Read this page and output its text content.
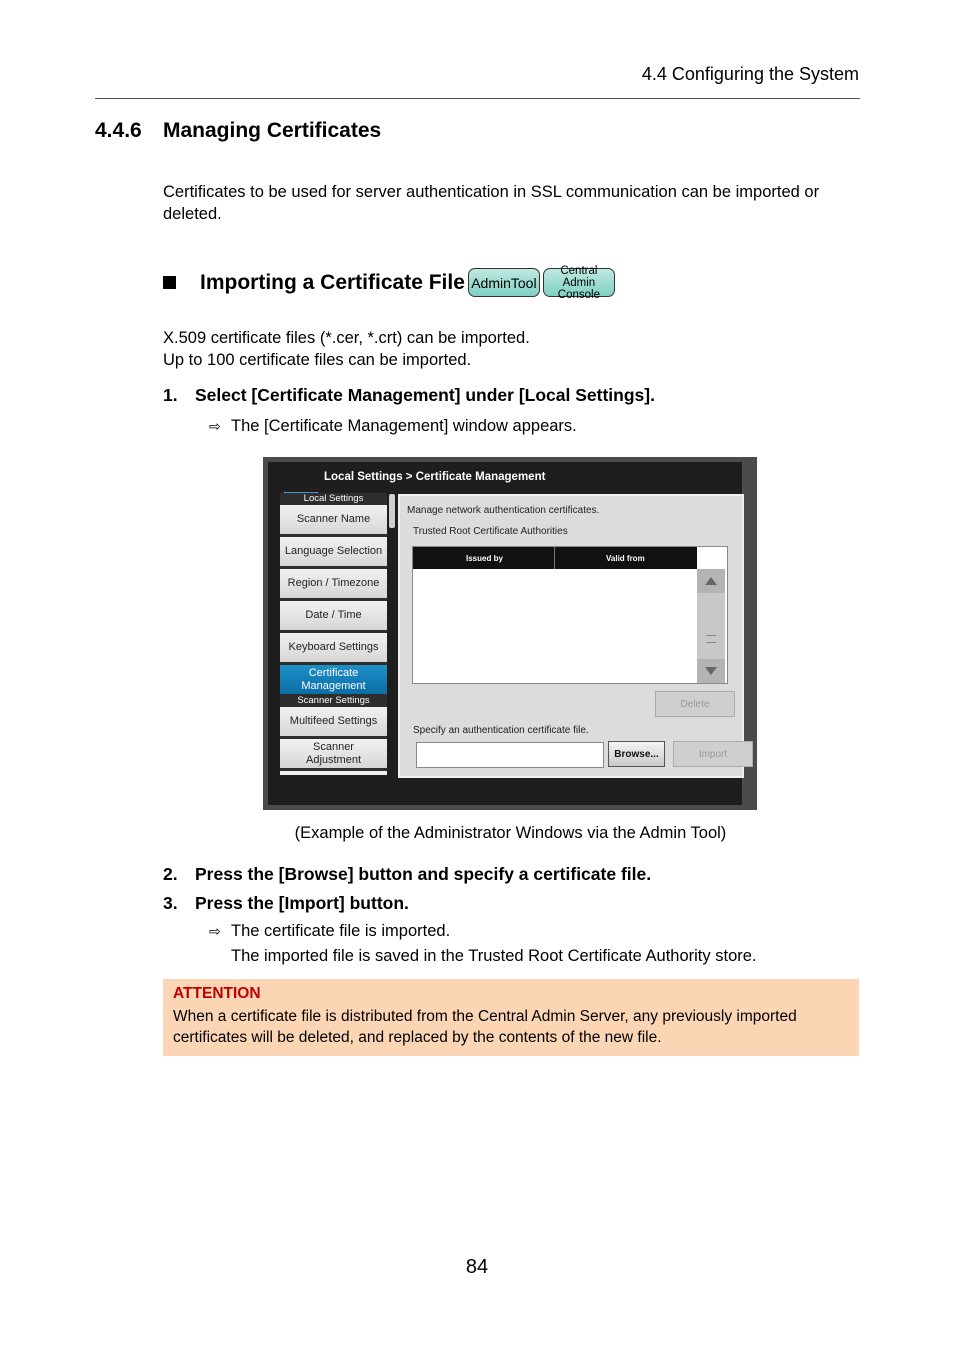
4.4 Configuring the System
4.4.6 Managing Certificates
Certificates to be used for server authentication in SSL communication can be imported or deleted.
Importing a Certificate File AdminTool
Central Admin
Console
X.509 certificate files (*.cer, *.crt) can be imported.
Up to 100 certificate files can be imported.
1. Select [Certificate Management] under [Local Settings].
⇨ The [Certificate Management] window appears.
Local Settings > Certificate Management
Local Settings
Scanner Name
Language Selection
Region / Timezone
Date / Time
Keyboard Settings
Certificate
Management
Scanner Settings
Multifeed Settings
Scanner
Adjustment
Manage network authentication certificates.
Trusted Root Certificate Authorities
Issued by	Valid from
Delete
Specify an authentication certificate file.
Browse...	Import
(Example of the Administrator Windows via the Admin Tool)
2. Press the [Browse] button and specify a certificate file.
3. Press the [Import] button.
⇨ The certificate file is imported.
The imported file is saved in the Trusted Root Certificate Authority store.
ATTENTION
When a certificate file is distributed from the Central Admin Server, any previously imported certificates will be deleted, and replaced by the contents of the new file.
84
